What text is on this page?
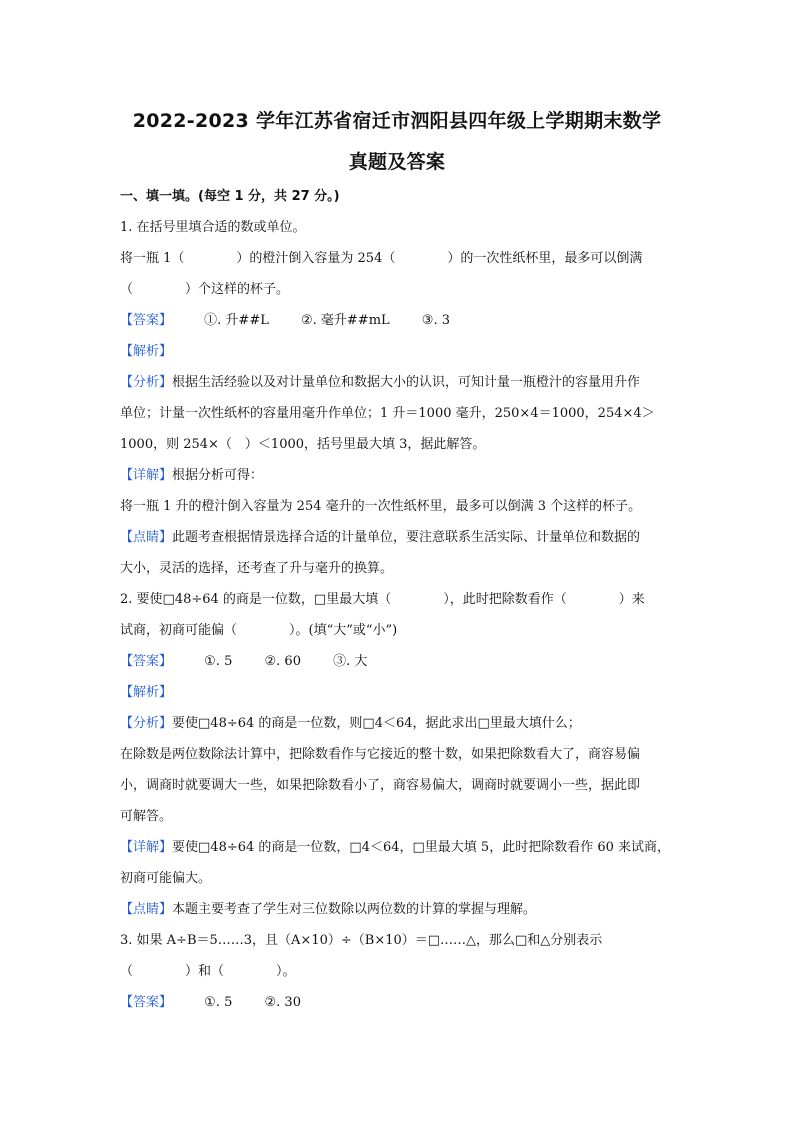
2022-2023 学年江苏省宿迁市泗阳县四年级上学期期末数学
真题及答案
一、填一填。(每空 1 分，共 27 分。)
1. 在括号里填合适的数或单位。
将一瓶 1（　　　　）的橙汁倒入容量为 254（　　　　）的一次性纸杯里，最多可以倒满
（　　　　）个这样的杯子。
【答案】 ①. 升##L ②. 毫升##mL ③. 3
【解析】
【分析】根据生活经验以及对计量单位和数据大小的认识，可知计量一瓶橙汁的容量用升作
单位；计量一次性纸杯的容量用毫升作单位；1 升＝1000 毫升，250×4＝1000，254×4＞
1000，则 254×（　）＜1000，括号里最大填 3，据此解答。
【详解】根据分析可得：
将一瓶 1 升的橙汁倒入容量为 254 毫升的一次性纸杯里，最多可以倒满 3 个这样的杯子。
【点睛】此题考查根据情景选择合适的计量单位，要注意联系生活实际、计量单位和数据的
大小，灵活的选择，还考查了升与毫升的换算。
2. 要使□48÷64 的商是一位数，□里最大填（　　　　），此时把除数看作（　　　　）来
试商，初商可能偏（　　　　）。(填“大”或“小”)
【答案】 ①. 5 ②. 60 ③. 大
【解析】
【分析】要使□48÷64 的商是一位数，则□4＜64，据此求出□里最大填什么；
在除数是两位数除法计算中，把除数看作与它接近的整十数，如果把除数看大了，商容易偏
小，调商时就要调大一些，如果把除数看小了，商容易偏大，调商时就要调小一些，据此即
可解答。
【详解】要使□48÷64 的商是一位数，□4＜64，□里最大填 5，此时把除数看作 60 来试商，
初商可能偏大。
【点睛】本题主要考查了学生对三位数除以两位数的计算的掌握与理解。
3. 如果 A÷B＝5……3，且（A×10）÷（B×10）＝□……△，那么□和△分别表示
（　　　　）和（　　　　）。
【答案】 ①. 5 ②. 30
